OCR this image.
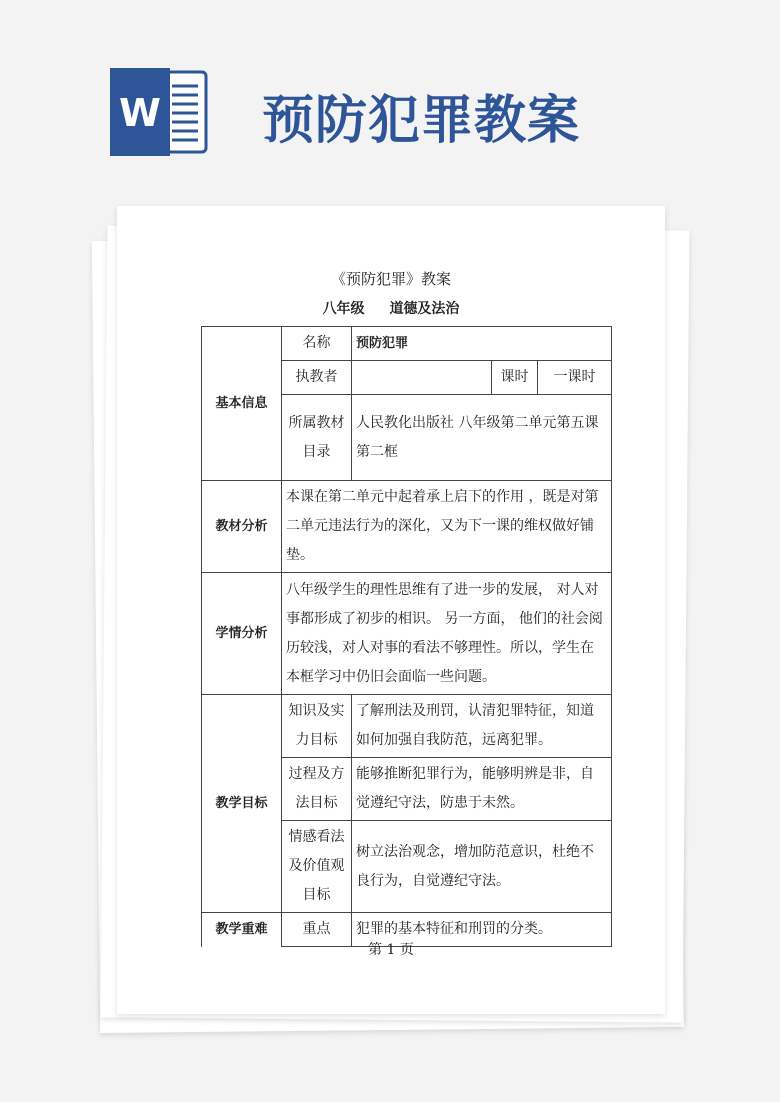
W 预防犯罪教案
《预防犯罪》教案
八年级 道德及法治
基本信息	名称	预防犯罪		
	执教者		课时	一课时
	所属教材目录	人民教化出版社 八年级第二单元第五课第二框		
教材分析	本课在第二单元中起着承上启下的作用 ，既是对第二单元违法行为的深化，又为下一课的维权做好铺垫。			
学情分析	八年级学生的理性思维有了进一步的发展， 对人对事都形成了初步的相识。 另一方面， 他们的社会阅历较浅，对人对事的看法不够理性。所以，学生在本框学习中仍旧会面临一些问题。			
教学目标	知识及实力目标	了解刑法及刑罚，认清犯罪特征，知道如何加强自我防范，远离犯罪。		
	过程及方法目标	能够推断犯罪行为，能够明辨是非，自觉遵纪守法，防患于未然。		
	情感看法及价值观目标	树立法治观念，增加防范意识，杜绝不良行为，自觉遵纪守法。		
教学重难	重点	犯罪的基本特征和刑罚的分类。		
第 1 页
